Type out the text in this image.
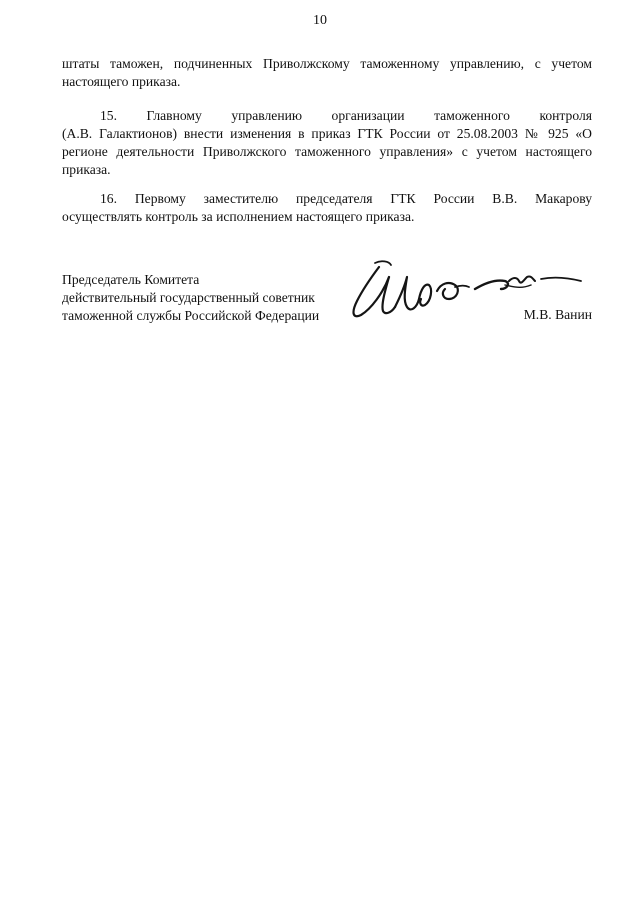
10
штаты таможен, подчиненных Приволжскому таможенному управлению, с учетом
настоящего приказа.
15. Главному управлению организации таможенного контроля
(А.В. Галактионов) внести изменения в приказ ГТК России от 25.08.2003 № 925 «О
регионе деятельности Приволжского таможенного управления» с учетом настоящего
приказа.
16. Первому заместителю председателя ГТК России В.В. Макарову
осуществлять контроль за исполнением настоящего приказа.
Председатель Комитета
действительный государственный советник
таможенной службы Российской Федерации	М.В. Ванин
